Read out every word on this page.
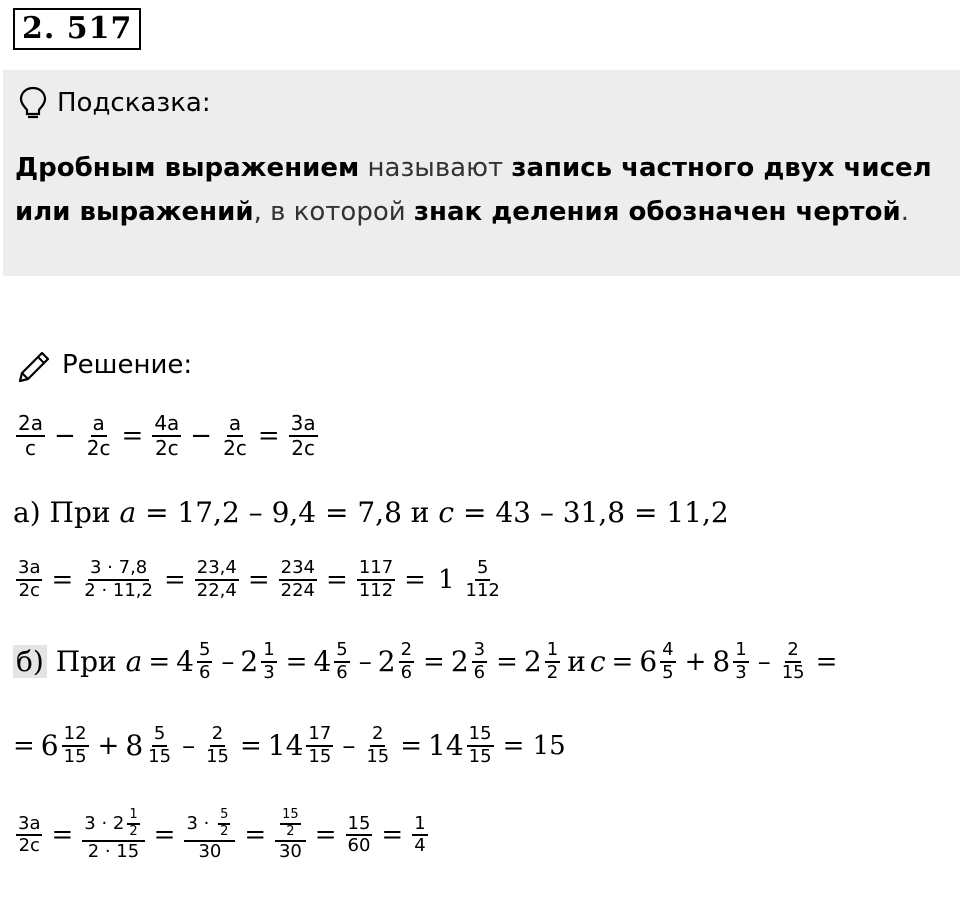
2. 517
Подсказка:
Дробным выражением называют запись частного двух чисел или выражений, в которой знак деления обозначен чертой.
Решение:
2a
$c - \frac{a}{2c} = \frac{4a}{2c} - \frac{a}{2c} = \frac{3a}{2c}$
а)
При
a
= 17,2 – 9,4 = 7,8 и
c
= 43 – 31,8 = 11,2
$\frac{3a}{2c} = \frac{3 \cdot 7,8}{2 \cdot 11,2} = \frac{23,4}{22,4} = \frac{234}{224} = \frac{117}{112} = 1$ 5
112
б)
При
a = 4 5
$6 - 2 \frac{1}{3} = 4$ 5
$6 - 2 \frac{2}{6} = 2 \frac{3}{6} = 2$ 1
2 и c = 6 4
5 + 8 1
$3 - \frac{2}{15}$ =
= 6 12
15 + 8 5
$15 - \frac{2}{15} = 14$ 17
$15 - \frac{2}{15} = 14 \frac{15}{15} = 15$
$\frac{3a}{2c} = \frac{3 \cdot 2 \frac{1}{2}}{2 \cdot 15} = \frac{3 \cdot \frac{5}{2}}{30} = \frac{\frac{15}{2}}{30} = \frac{15}{60} = \frac{1}{4}$
